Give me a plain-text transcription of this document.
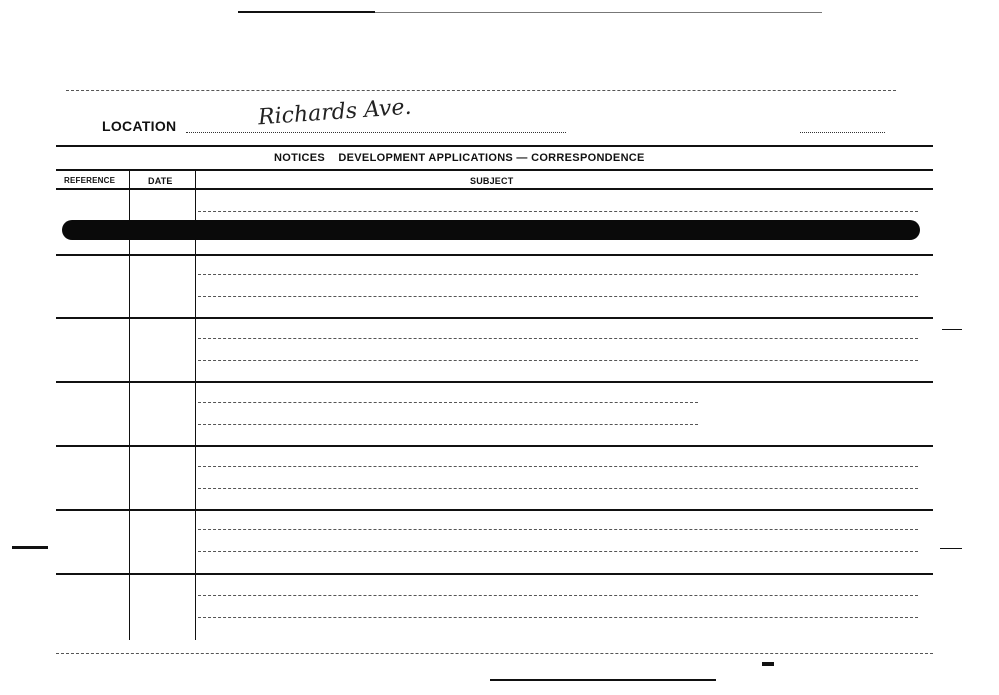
LOCATION	Richards Ave.
NOTICES    DEVELOPMENT APPLICATIONS — CORRESPONDENCE
REFERENCE	DATE	SUBJECT
